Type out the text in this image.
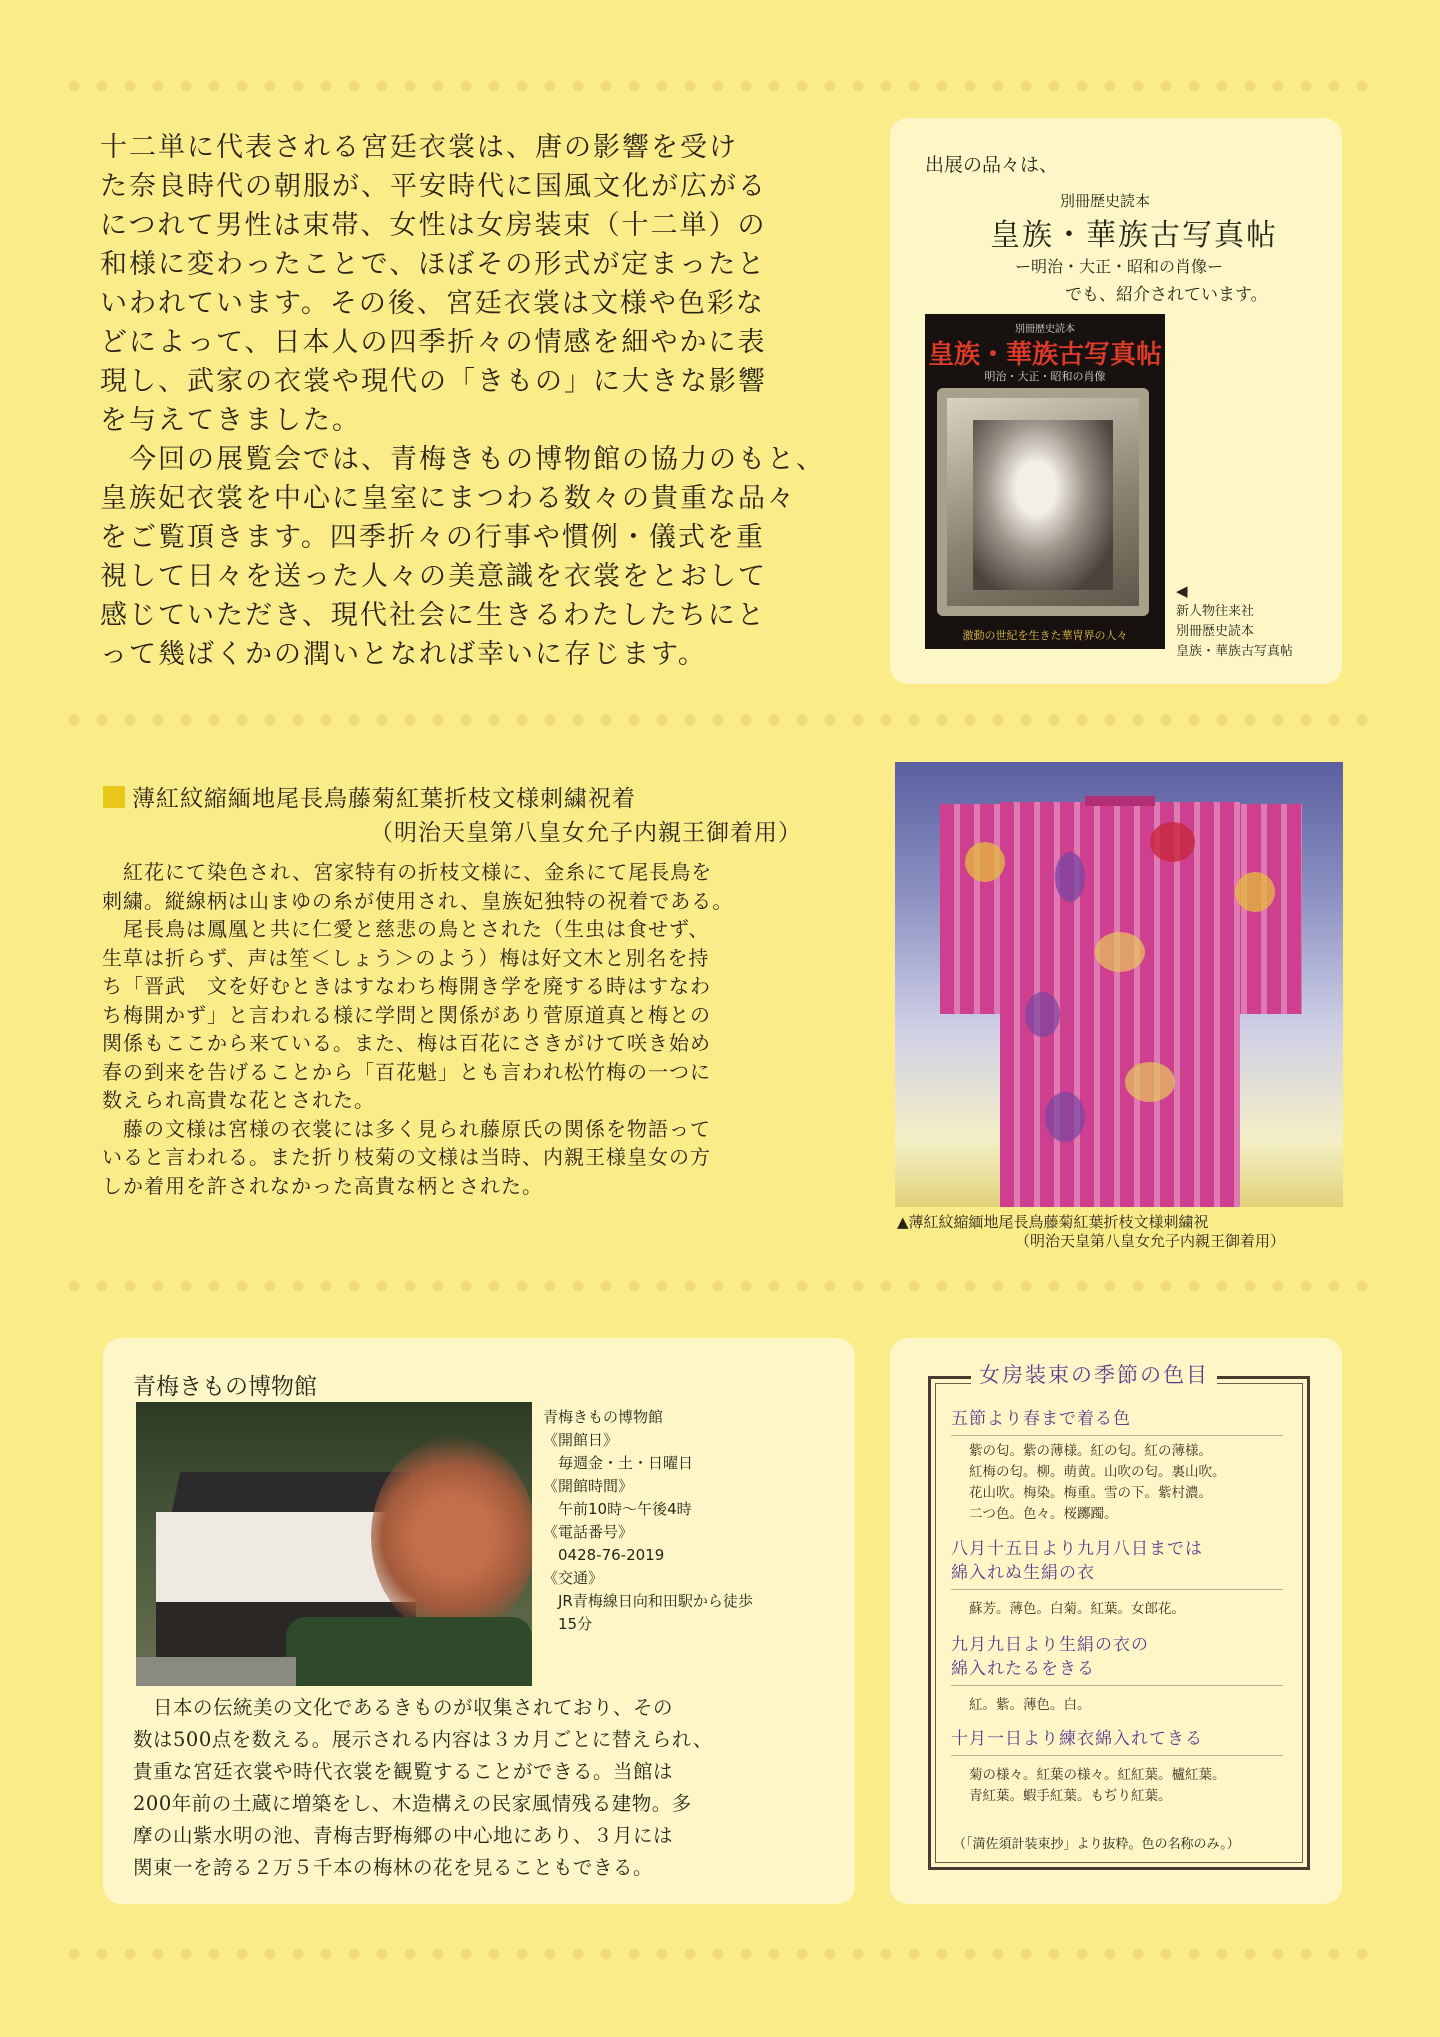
十二単に代表される宮廷衣裳は、唐の影響を受け
た奈良時代の朝服が、平安時代に国風文化が広がる
につれて男性は束帯、女性は女房装束（十二単）の
和様に変わったことで、ほぼその形式が定まったと
いわれています。その後、宮廷衣裳は文様や色彩な
どによって、日本人の四季折々の情感を細やかに表
現し、武家の衣裳や現代の「きもの」に大きな影響
を与えてきました。
　今回の展覧会では、青梅きもの博物館の協力のもと、
皇族妃衣裳を中心に皇室にまつわる数々の貴重な品々
をご覧頂きます。四季折々の行事や慣例・儀式を重
視して日々を送った人々の美意識を衣裳をとおして
感じていただき、現代社会に生きるわたしたちにと
って幾ばくかの潤いとなれば幸いに存じます。
出展の品々は、
別冊歴史読本
皇族・華族古写真帖
ー明治・大正・昭和の肖像ー
でも、紹介されています。
別冊歴史読本
皇族・華族古写真帖
明治・大正・昭和の肖像
激動の世紀を生きた華冑界の人々
◀
新人物往来社
別冊歴史読本
皇族・華族古写真帖
薄紅紋縮緬地尾長鳥藤菊紅葉折枝文様刺繍祝着
（明治天皇第八皇女允子内親王御着用）
　紅花にて染色され、宮家特有の折枝文様に、金糸にて尾長鳥を
刺繍。縦線柄は山まゆの糸が使用され、皇族妃独特の祝着である。
　尾長鳥は鳳凰と共に仁愛と慈悲の鳥とされた（生虫は食せず、
生草は折らず、声は笙＜しょう＞のよう）梅は好文木と別名を持
ち「晋武　文を好むときはすなわち梅開き学を廃する時はすなわ
ち梅開かず」と言われる様に学問と関係があり菅原道真と梅との
関係もここから来ている。また、梅は百花にさきがけて咲き始め
春の到来を告げることから「百花魁」とも言われ松竹梅の一つに
数えられ高貴な花とされた。
　藤の文様は宮様の衣裳には多く見られ藤原氏の関係を物語って
いると言われる。また折り枝菊の文様は当時、内親王様皇女の方
しか着用を許されなかった高貴な柄とされた。
▲薄紅紋縮緬地尾長鳥藤菊紅葉折枝文様刺繍祝
（明治天皇第八皇女允子内親王御着用）
青梅きもの博物館
青梅きもの博物館
《開館日》
　毎週金・土・日曜日
《開館時間》
　午前10時～午後4時
《電話番号》
　0428-76-2019
《交通》
　JR青梅線日向和田駅から徒歩
　15分
　日本の伝統美の文化であるきものが収集されており、その
数は500点を数える。展示される内容は３カ月ごとに替えられ、
貴重な宮廷衣裳や時代衣裳を観覧することができる。当館は
200年前の土蔵に増築をし、木造構えの民家風情残る建物。多
摩の山紫水明の池、青梅吉野梅郷の中心地にあり、３月には
関東一を誇る２万５千本の梅林の花を見ることもできる。
女房装束の季節の色目
五節より春まで着る色
紫の匂。紫の薄様。紅の匂。紅の薄様。
紅梅の匂。柳。萌黄。山吹の匂。裏山吹。
花山吹。梅染。梅重。雪の下。紫村濃。
二つ色。色々。桜躑躅。
八月十五日より九月八日までは
綿入れぬ生絹の衣
蘇芳。薄色。白菊。紅葉。女郎花。
九月九日より生絹の衣の
綿入れたるをきる
紅。紫。薄色。白。
十月一日より練衣綿入れてきる
菊の様々。紅葉の様々。紅紅葉。櫨紅葉。
青紅葉。蝦手紅葉。もぢり紅葉。
（「満佐須計装束抄」より抜粋。色の名称のみ。）
